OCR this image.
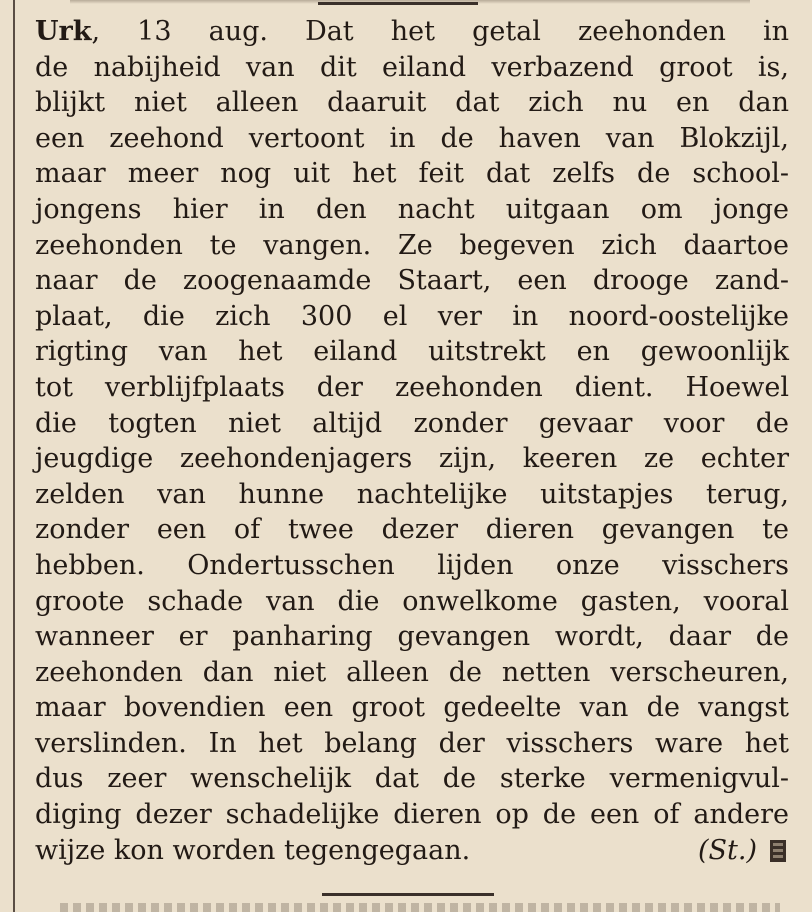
Urk, 13 aug. Dat het getal zeehonden in
de nabijheid van dit eiland verbazend groot is,
blijkt niet alleen daaruit dat zich nu en dan
een zeehond vertoont in de haven van Blokzijl,
maar meer nog uit het feit dat zelfs de school-
jongens hier in den nacht uitgaan om jonge
zeehonden te vangen. Ze begeven zich daartoe
naar de zoogenaamde Staart, een drooge zand-
plaat, die zich 300 el ver in noord-oostelijke
rigting van het eiland uitstrekt en gewoonlijk
tot verblijfplaats der zeehonden dient. Hoewel
die togten niet altijd zonder gevaar voor de
jeugdige zeehondenjagers zijn, keeren ze echter
zelden van hunne nachtelijke uitstapjes terug,
zonder een of twee dezer dieren gevangen te
hebben. Ondertusschen lijden onze visschers
groote schade van die onwelkome gasten, vooral
wanneer er panharing gevangen wordt, daar de
zeehonden dan niet alleen de netten verscheuren,
maar bovendien een groot gedeelte van de vangst
verslinden. In het belang der visschers ware het
dus zeer wenschelijk dat de sterke vermenigvul-
diging dezer schadelijke dieren op de een of andere
wijze kon worden tegengegaan.	(St.)
